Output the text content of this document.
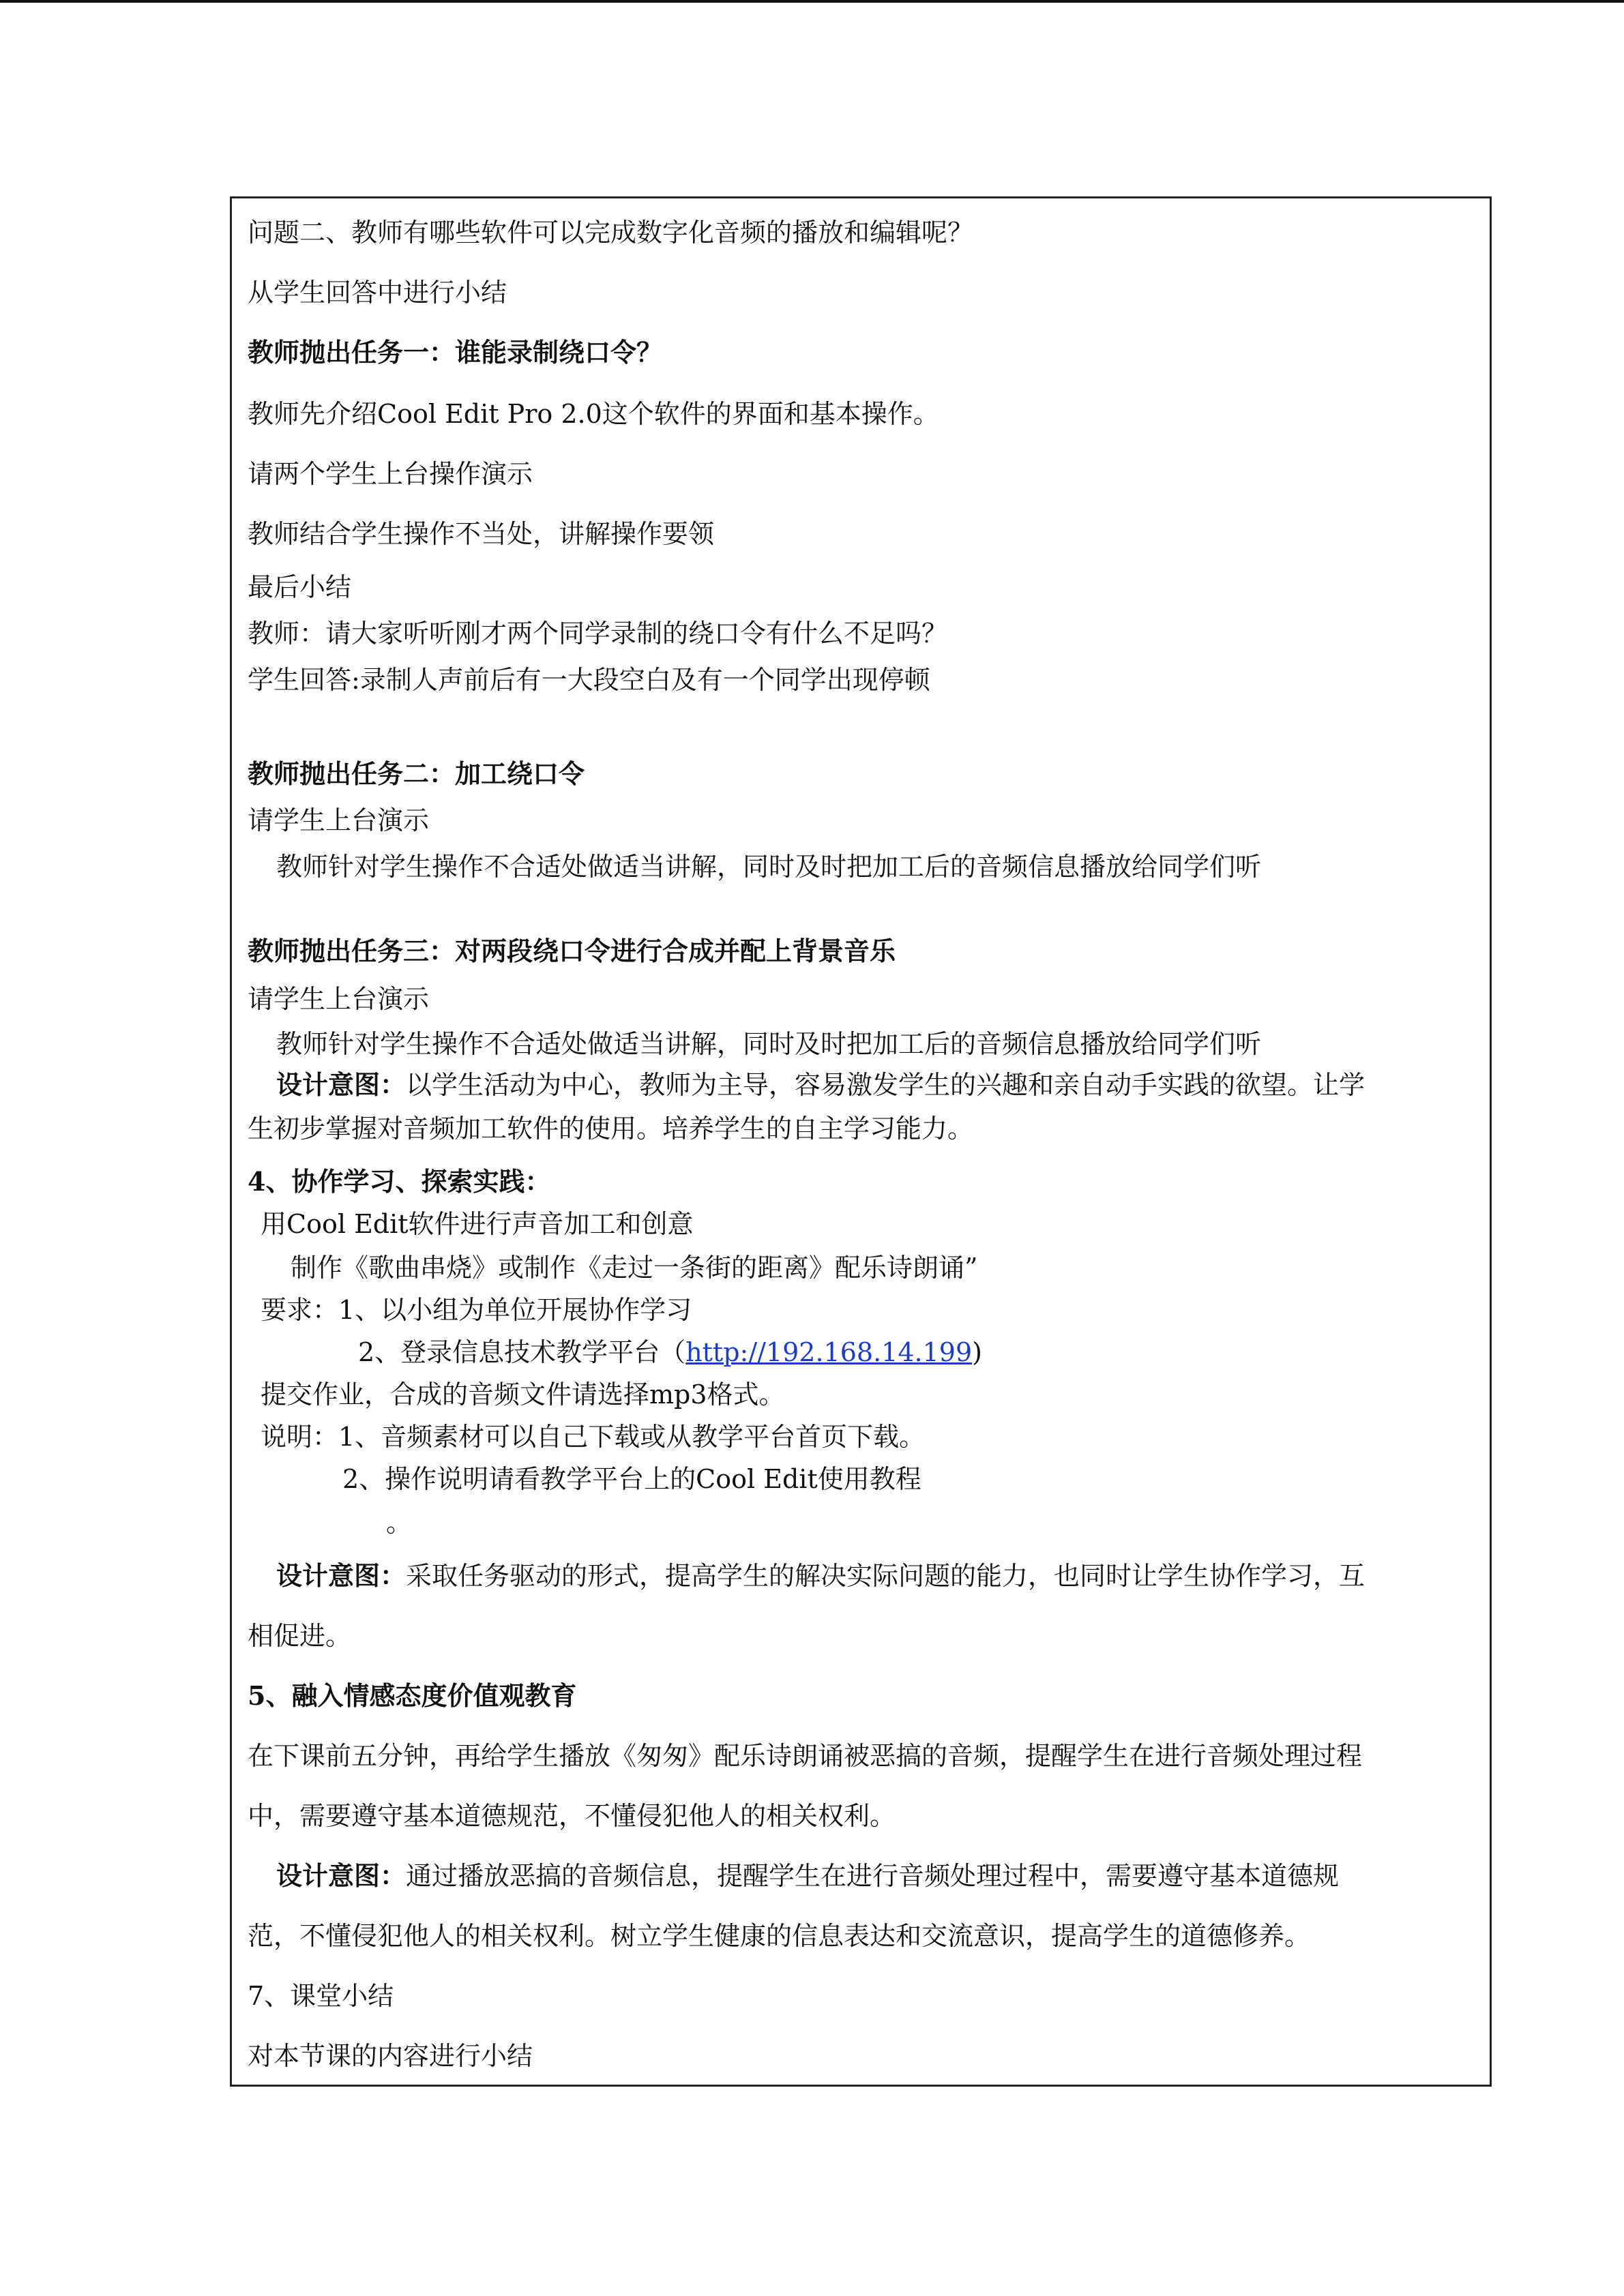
问题二、教师有哪些软件可以完成数字化音频的播放和编辑呢？
从学生回答中进行小结
教师抛出任务一：谁能录制绕口令？
教师先介绍Cool Edit Pro 2.0这个软件的界面和基本操作。
请两个学生上台操作演示
教师结合学生操作不当处，讲解操作要领
最后小结
教师：请大家听听刚才两个同学录制的绕口令有什么不足吗？
学生回答:录制人声前后有一大段空白及有一个同学出现停顿
教师抛出任务二：加工绕口令
请学生上台演示
教师针对学生操作不合适处做适当讲解，同时及时把加工后的音频信息播放给同学们听
教师抛出任务三：对两段绕口令进行合成并配上背景音乐
请学生上台演示
教师针对学生操作不合适处做适当讲解，同时及时把加工后的音频信息播放给同学们听
设计意图：以学生活动为中心，教师为主导，容易激发学生的兴趣和亲自动手实践的欲望。让学
生初步掌握对音频加工软件的使用。培养学生的自主学习能力。
4、协作学习、探索实践：
用Cool Edit软件进行声音加工和创意
制作《歌曲串烧》或制作《走过一条街的距离》配乐诗朗诵”
要求：1、以小组为单位开展协作学习
2、登录信息技术教学平台（http://192.168.14.199)
提交作业，合成的音频文件请选择mp3格式。
说明：1、音频素材可以自己下载或从教学平台首页下载。
2、操作说明请看教学平台上的Cool Edit使用教程
。
设计意图：采取任务驱动的形式，提高学生的解决实际问题的能力，也同时让学生协作学习，互
相促进。
5、融入情感态度价值观教育
在下课前五分钟，再给学生播放《匆匆》配乐诗朗诵被恶搞的音频，提醒学生在进行音频处理过程
中，需要遵守基本道德规范，不懂侵犯他人的相关权利。
设计意图：通过播放恶搞的音频信息，提醒学生在进行音频处理过程中，需要遵守基本道德规
范，不懂侵犯他人的相关权利。树立学生健康的信息表达和交流意识，提高学生的道德修养。
7、课堂小结
对本节课的内容进行小结
